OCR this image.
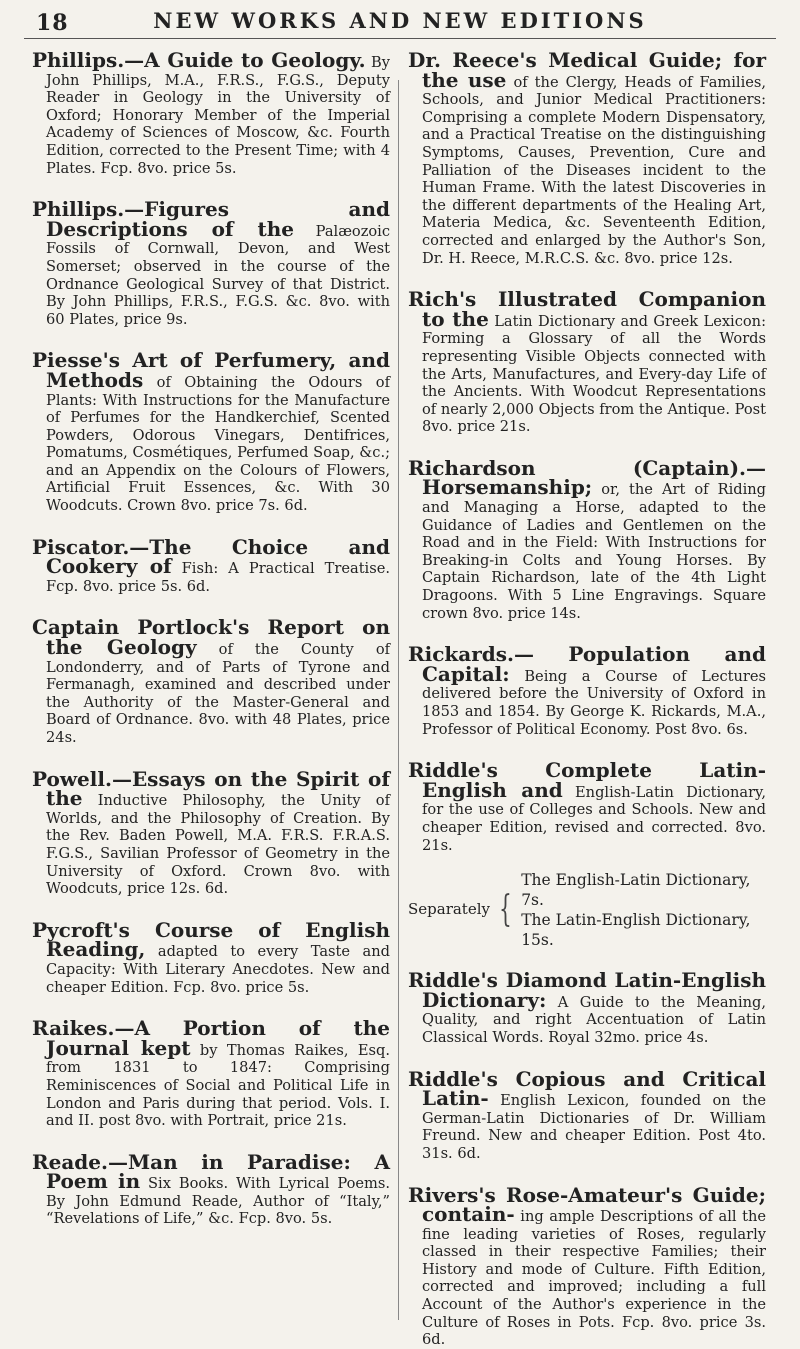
18	NEW WORKS AND NEW EDITIONS

Phillips.—A Guide to Geology. By John Phillips, M.A., F.R.S., F.G.S., Deputy Reader in Geology in the University of Oxford; Honorary Member of the Imperial Academy of Sciences of Moscow, &c. Fourth Edition, corrected to the Present Time; with 4 Plates. Fcp. 8vo. price 5s.

Phillips.—Figures and Descriptions of the Palæozoic Fossils of Cornwall, Devon, and West Somerset; observed in the course of the Ordnance Geological Survey of that District. By John Phillips, F.R.S., F.G.S. &c. 8vo. with 60 Plates, price 9s.

Piesse's Art of Perfumery, and Methods of Obtaining the Odours of Plants: With Instructions for the Manufacture of Perfumes for the Handkerchief, Scented Powders, Odorous Vinegars, Dentifrices, Pomatums, Cosmétiques, Perfumed Soap, &c.; and an Appendix on the Colours of Flowers, Artificial Fruit Essences, &c. With 30 Woodcuts. Crown 8vo. price 7s. 6d.

Piscator.—The Choice and Cookery of Fish: A Practical Treatise. Fcp. 8vo. price 5s. 6d.

Captain Portlock's Report on the Geology of the County of Londonderry, and of Parts of Tyrone and Fermanagh, examined and described under the Authority of the Master-General and Board of Ordnance. 8vo. with 48 Plates, price 24s.

Powell.—Essays on the Spirit of the Inductive Philosophy, the Unity of Worlds, and the Philosophy of Creation. By the Rev. Baden Powell, M.A. F.R.S. F.R.A.S. F.G.S., Savilian Professor of Geometry in the University of Oxford. Crown 8vo. with Woodcuts, price 12s. 6d.

Pycroft's Course of English Reading, adapted to every Taste and Capacity: With Literary Anecdotes. New and cheaper Edition. Fcp. 8vo. price 5s.

Raikes.—A Portion of the Journal kept by Thomas Raikes, Esq. from 1831 to 1847: Comprising Reminiscences of Social and Political Life in London and Paris during that period. Vols. I. and II. post 8vo. with Portrait, price 21s.

Reade.—Man in Paradise: A Poem in Six Books. With Lyrical Poems. By John Edmund Reade, Author of “Italy,” “Revelations of Life,” &c. Fcp. 8vo. 5s.

Dr. Reece's Medical Guide; for the use of the Clergy, Heads of Families, Schools, and Junior Medical Practitioners: Comprising a complete Modern Dispensatory, and a Practical Treatise on the distinguishing Symptoms, Causes, Prevention, Cure and Palliation of the Diseases incident to the Human Frame. With the latest Discoveries in the different departments of the Healing Art, Materia Medica, &c. Seventeenth Edition, corrected and enlarged by the Author's Son, Dr. H. Reece, M.R.C.S. &c. 8vo. price 12s.

Rich's Illustrated Companion to the Latin Dictionary and Greek Lexicon: Forming a Glossary of all the Words representing Visible Objects connected with the Arts, Manufactures, and Every-day Life of the Ancients. With Woodcut Representations of nearly 2,000 Objects from the Antique. Post 8vo. price 21s.

Richardson (Captain).—Horsemanship; or, the Art of Riding and Managing a Horse, adapted to the Guidance of Ladies and Gentlemen on the Road and in the Field: With Instructions for Breaking-in Colts and Young Horses. By Captain Richardson, late of the 4th Light Dragoons. With 5 Line Engravings. Square crown 8vo. price 14s.

Rickards.— Population and Capital: Being a Course of Lectures delivered before the University of Oxford in 1853 and 1854. By George K. Rickards, M.A., Professor of Political Economy. Post 8vo. 6s.

Riddle's Complete Latin-English and English-Latin Dictionary, for the use of Colleges and Schools. New and cheaper Edition, revised and corrected. 8vo. 21s.

Separately {
The English-Latin Dictionary, 7s.
The Latin-English Dictionary, 15s.

Riddle's Diamond Latin-English Dictionary: A Guide to the Meaning, Quality, and right Accentuation of Latin Classical Words. Royal 32mo. price 4s.

Riddle's Copious and Critical Latin- English Lexicon, founded on the German-Latin Dictionaries of Dr. William Freund. New and cheaper Edition. Post 4to. 31s. 6d.

Rivers's Rose-Amateur's Guide; contain- ing ample Descriptions of all the fine leading varieties of Roses, regularly classed in their respective Families; their History and mode of Culture. Fifth Edition, corrected and improved; including a full Account of the Author's experience in the Culture of Roses in Pots. Fcp. 8vo. price 3s. 6d.
